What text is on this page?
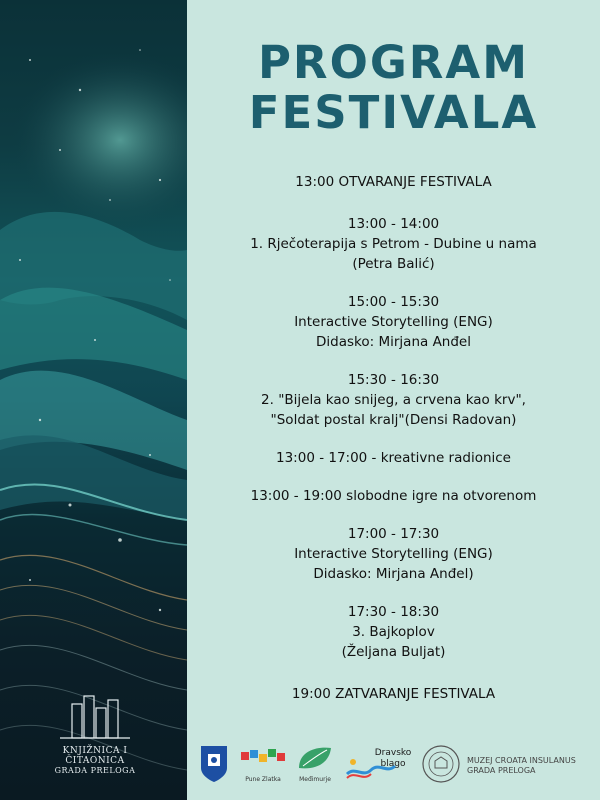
KNJIŽNICA I ČITAONICA
GRADA PRELOGA
PROGRAM
FESTIVALA
13:00 OTVARANJE FESTIVALA
13:00 - 14:00
1. Rječoterapija s Petrom - Dubine u nama
(Petra Balić)
15:00 - 15:30
Interactive Storytelling (ENG)
Didasko: Mirjana Anđel
15:30 - 16:30
2. "Bijela kao snijeg, a crvena kao krv",
"Soldat postal kralj"(Densi Radovan)
13:00 - 17:00 - kreativne radionice
13:00 - 19:00 slobodne igre na otvorenom
17:00 - 17:30
Interactive Storytelling (ENG)
Didasko: Mirjana Anđel)
17:30 - 18:30
3. Bajkoplov
(Željana Buljat)
19:00 ZATVARANJE FESTIVALA
Pune Zlatka	Međimurje
Dravsko blago	MUZEJ CROATA INSULANUS
GRADA PRELOGA
